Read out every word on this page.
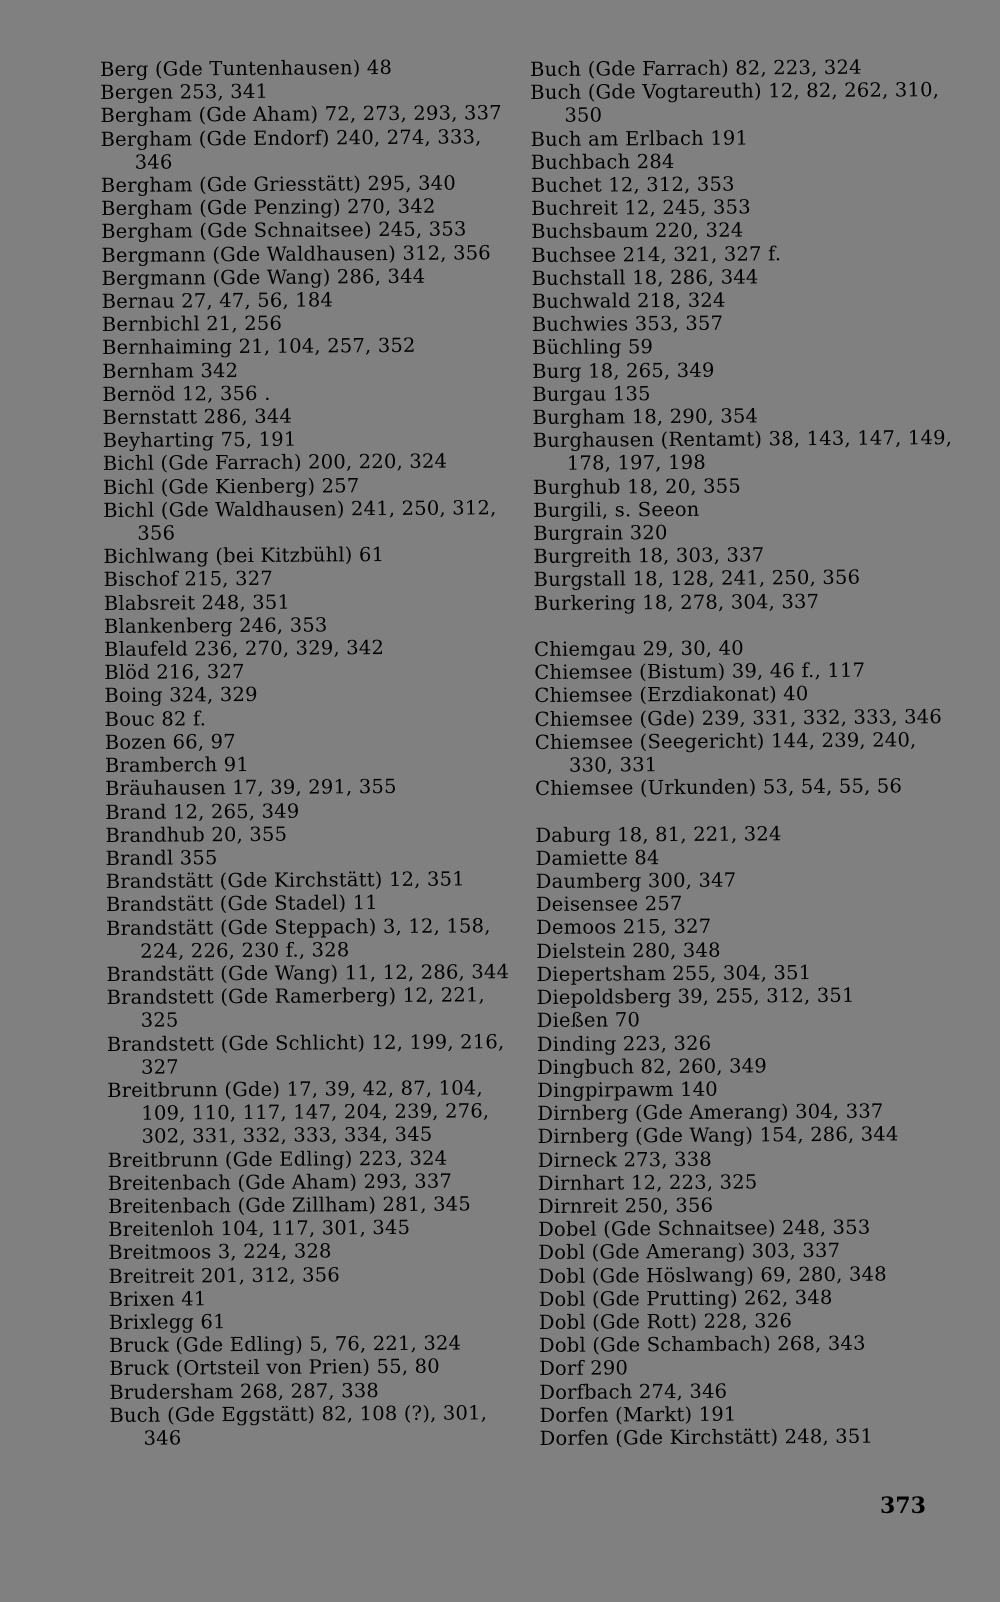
Berg (Gde Tuntenhausen) 48

Bergen 253, 341

Bergham (Gde Aham) 72, 273, 293, 337

Bergham (Gde Endorf) 240, 274, 333, 346

Bergham (Gde Griesstätt) 295, 340

Bergham (Gde Penzing) 270, 342

Bergham (Gde Schnaitsee) 245, 353

Bergmann (Gde Waldhausen) 312, 356

Bergmann (Gde Wang) 286, 344

Bernau 27, 47, 56, 184

Bernbichl 21, 256

Bernhaiming 21, 104, 257, 352

Bernham 342

Bernöd 12, 356 .

Bernstatt 286, 344

Beyharting 75, 191

Bichl (Gde Farrach) 200, 220, 324

Bichl (Gde Kienberg) 257

Bichl (Gde Waldhausen) 241, 250, 312, 356

Bichlwang (bei Kitzbühl) 61

Bischof 215, 327

Blabsreit 248, 351

Blankenberg 246, 353

Blaufeld 236, 270, 329, 342

Blöd 216, 327

Boing 324, 329

Bouc 82 f.

Bozen 66, 97

Bramberch 91

Bräuhausen 17, 39, 291, 355

Brand 12, 265, 349

Brandhub 20, 355

Brandl 355

Brandstätt (Gde Kirchstätt) 12, 351

Brandstätt (Gde Stadel) 11

Brandstätt (Gde Steppach) 3, 12, 158, 224, 226, 230 f., 328

Brandstätt (Gde Wang) 11, 12, 286, 344

Brandstett (Gde Ramerberg) 12, 221, 325

Brandstett (Gde Schlicht) 12, 199, 216, 327

Breitbrunn (Gde) 17, 39, 42, 87, 104, 109, 110, 117, 147, 204, 239, 276, 302, 331, 332, 333, 334, 345

Breitbrunn (Gde Edling) 223, 324

Breitenbach (Gde Aham) 293, 337

Breitenbach (Gde Zillham) 281, 345

Breitenloh 104, 117, 301, 345

Breitmoos 3, 224, 328

Breitreit 201, 312, 356

Brixen 41

Brixlegg 61

Bruck (Gde Edling) 5, 76, 221, 324

Bruck (Ortsteil von Prien) 55, 80

Brudersham 268, 287, 338

Buch (Gde Eggstätt) 82, 108 (?), 301, 346

Buch (Gde Farrach) 82, 223, 324

Buch (Gde Vogtareuth) 12, 82, 262, 310, 350

Buch am Erlbach 191

Buchbach 284

Buchet 12, 312, 353

Buchreit 12, 245, 353

Buchsbaum 220, 324

Buchsee 214, 321, 327 f.

Buchstall 18, 286, 344

Buchwald 218, 324

Buchwies 353, 357

Büchling 59

Burg 18, 265, 349

Burgau 135

Burgham 18, 290, 354

Burghausen (Rentamt) 38, 143, 147, 149, 178, 197, 198

Burghub 18, 20, 355

Burgili, s. Seeon

Burgrain 320

Burgreith 18, 303, 337

Burgstall 18, 128, 241, 250, 356

Burkering 18, 278, 304, 337

Chiemgau 29, 30, 40

Chiemsee (Bistum) 39, 46 f., 117

Chiemsee (Erzdiakonat) 40

Chiemsee (Gde) 239, 331, 332, 333, 346

Chiemsee (Seegericht) 144, 239, 240, 330, 331

Chiemsee (Urkunden) 53, 54, 55, 56

Daburg 18, 81, 221, 324

Damiette 84

Daumberg 300, 347

Deisensee 257

Demoos 215, 327

Dielstein 280, 348

Diepertsham 255, 304, 351

Diepoldsberg 39, 255, 312, 351

Dießen 70

Dinding 223, 326

Dingbuch 82, 260, 349

Dingpirpawm 140

Dirnberg (Gde Amerang) 304, 337

Dirnberg (Gde Wang) 154, 286, 344

Dirneck 273, 338

Dirnhart 12, 223, 325

Dirnreit 250, 356

Dobel (Gde Schnaitsee) 248, 353

Dobl (Gde Amerang) 303, 337

Dobl (Gde Höslwang) 69, 280, 348

Dobl (Gde Prutting) 262, 348

Dobl (Gde Rott) 228, 326

Dobl (Gde Schambach) 268, 343

Dorf 290

Dorfbach 274, 346

Dorfen (Markt) 191

Dorfen (Gde Kirchstätt) 248, 351

373
